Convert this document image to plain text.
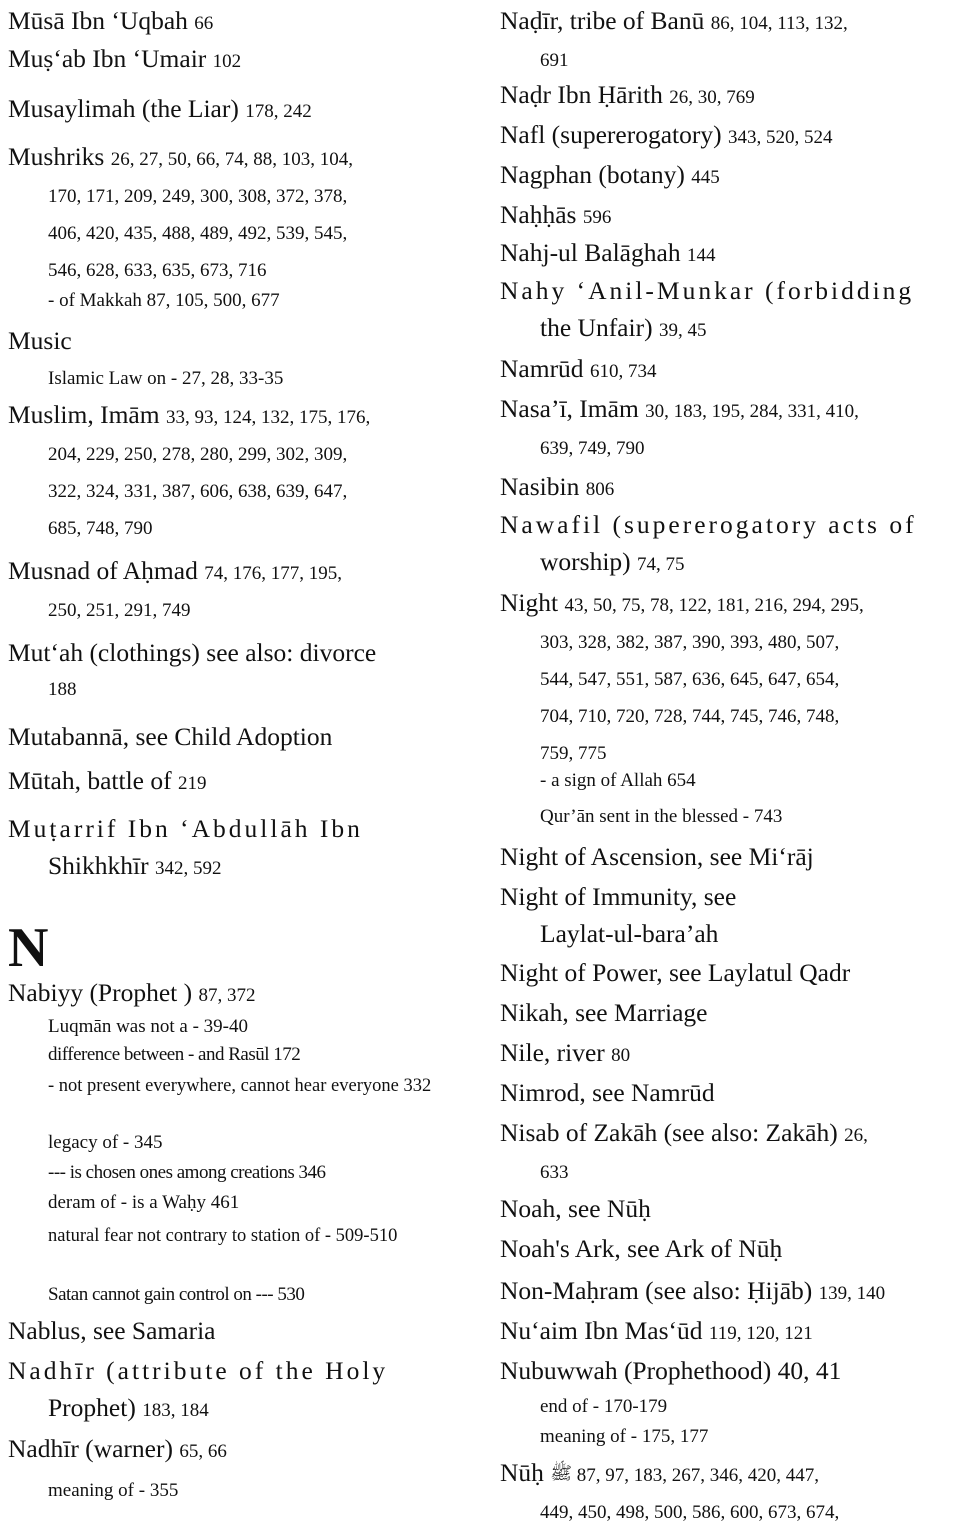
Mūsā Ibn ‘Uqbah 66
Muṣ‘ab Ibn ‘Umair 102
Musaylimah (the Liar) 178, 242
Mushriks 26, 27, 50, 66, 74, 88, 103, 104,
170, 171, 209, 249, 300, 308, 372, 378,
406, 420, 435, 488, 489, 492, 539, 545,
546, 628, 633, 635, 673, 716
- of Makkah 87, 105, 500, 677
Music
Islamic Law on - 27, 28, 33-35
Muslim, Imām 33, 93, 124, 132, 175, 176,
204, 229, 250, 278, 280, 299, 302, 309,
322, 324, 331, 387, 606, 638, 639, 647,
685, 748, 790
Musnad of Aḥmad 74, 176, 177, 195,
250, 251, 291, 749
Mut‘ah (clothings) see also: divorce
188
Mutabannā, see Child Adoption
Mūtah, battle of 219
Muṭarrif Ibn ‘Abdullāh Ibn
Shikhkhīr 342, 592
Nabiyy (Prophet ) 87, 372
Luqmān was not a - 39-40
difference between - and Rasūl 172
- not present everywhere, cannot hear everyone 332
legacy of - 345
--- is chosen ones among creations 346
deram of - is a Waḥy 461
natural fear not contrary to station of - 509-510
Satan cannot gain control on --- 530
Nablus, see Samaria
Nadhīr (attribute of the Holy
Prophet) 183, 184
Nadhīr (warner) 65, 66
meaning of - 355
N
Naḍīr, tribe of Banū 86, 104, 113, 132,
691
Naḍr Ibn Ḥārith 26, 30, 769
Nafl (supererogatory) 343, 520, 524
Nagphan (botany) 445
Naḥḥās 596
Nahj-ul Balāghah 144
Nahy ‘Anil-Munkar (forbidding
the Unfair) 39, 45
Namrūd 610, 734
Nasa’ī, Imām 30, 183, 195, 284, 331, 410,
639, 749, 790
Nasibin 806
Nawafil (supererogatory acts of
worship) 74, 75
Night 43, 50, 75, 78, 122, 181, 216, 294, 295,
303, 328, 382, 387, 390, 393, 480, 507,
544, 547, 551, 587, 636, 645, 647, 654,
704, 710, 720, 728, 744, 745, 746, 748,
759, 775
- a sign of Allah 654
Qur’ān sent in the blessed - 743
Night of Ascension, see Mi‘rāj
Night of Immunity, see
Laylat-ul-bara’ah
Night of Power, see Laylatul Qadr
Nikah, see Marriage
Nile, river 80
Nimrod, see Namrūd
Nisab of Zakāh (see also: Zakāh) 26,
633
Noah, see Nūḥ
Noah's Ark, see Ark of Nūḥ
Non-Maḥram (see also: Ḥijāb) 139, 140
Nu‘aim Ibn Mas‘ūd 119, 120, 121
Nubuwwah (Prophethood) 40, 41
end of - 170-179
meaning of - 175, 177
Nūḥ ﷺ 87, 97, 183, 267, 346, 420, 447,
449, 450, 498, 500, 586, 600, 673, 674,
